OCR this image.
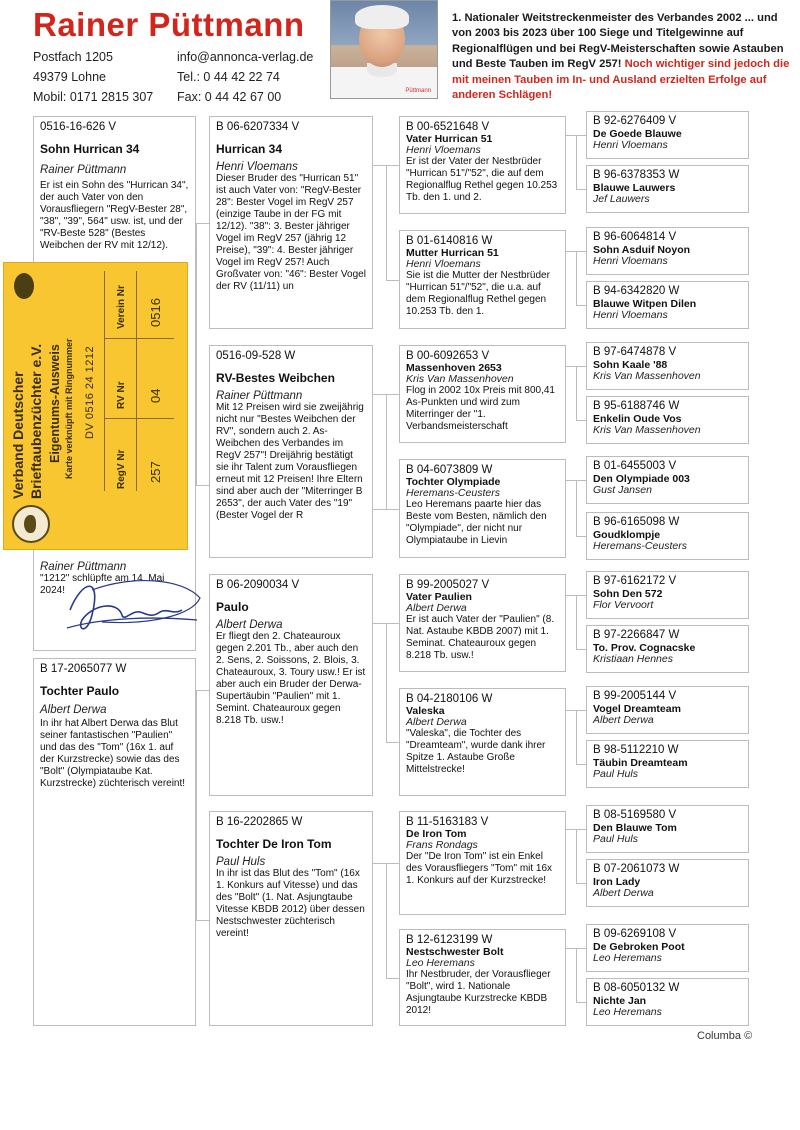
Rainer Püttmann
Postfach 1205
49379 Lohne
Mobil: 0171 2815 307
info@annonca-verlag.de
Tel.: 0 44 42 22 74
Fax: 0 44 42 67 00	Püttmann
1. Nationaler Weitstreckenmeister des Verbandes 2002 ... und von 2003 bis 2023 über 100 Siege und Titelgewinne auf Regionalflügen und bei RegV-Meisterschaften sowie Astauben und Beste Tauben im RegV 257! Noch wichtiger sind jedoch die mit meinen Tauben im In- und Ausland erzielten Erfolge auf anderen Schlägen!
0516-16-626 V
Sohn Hurrican 34
Rainer Püttmann
Er ist ein Sohn des "Hurrican 34", der auch Vater von den Vorausfliegern "RegV-Bester 28", "38", "39", 564" usw. ist, und der "RV-Beste 528" (Bestes Weibchen der RV mit 12/12).
Rainer Püttmann
"1212" schlüpfte am 14. Mai 2024!
B 17-2065077 W
Tochter Paulo
Albert Derwa
In ihr hat Albert Derwa das Blut seiner fantastischen "Paulien" und das des "Tom" (16x 1. auf der Kurzstrecke) sowie das des "Bolt" (Olympiataube Kat. Kurzstrecke) züchterisch vereint!
B 06-6207334 V
Hurrican 34
Henri Vloemans
Dieser Bruder des "Hurrican 51" ist auch Vater von: "RegV-Bester 28": Bester Vogel im RegV 257 (einzige Taube in der FG mit 12/12). "38": 3. Bester jähriger Vogel im RegV 257 (jährig 12 Preise), "39": 4. Bester jähriger Vogel im RegV 257! Auch Großvater von: "46": Bester Vogel der RV (11/11) un
0516-09-528 W
RV-Bestes Weibchen
Rainer Püttmann
Mit 12 Preisen wird sie zweijährig nicht nur "Bestes Weibchen der RV", sondern auch 2. As-Weibchen des Verbandes im RegV 257"! Dreijährig bestätigt sie ihr Talent zum Vorausfliegen erneut mit 12 Preisen! Ihre Eltern sind aber auch der "Miterringer B 2653", der auch Vater des "19" (Bester Vogel der R
B 06-2090034 V
Paulo
Albert Derwa
Er fliegt den 2. Chateauroux gegen 2.201 Tb., aber auch den 2. Sens, 2. Soissons, 2. Blois, 3. Chateauroux, 3. Toury usw.! Er ist aber auch ein Bruder der Derwa-Supertäubin "Paulien" mit 1. Semint. Chateauroux gegen 8.218 Tb. usw.!
B 16-2202865 W
Tochter De Iron Tom
Paul Huls
In ihr ist das Blut des "Tom" (16x 1. Konkurs auf Vitesse) und das des "Bolt" (1. Nat. Asjungtaube Vitesse KBDB 2012) über dessen Nestschwester züchterisch vereint!
B 00-6521648 V
Vater Hurrican 51
Henri Vloemans
Er ist der Vater der Nestbrüder "Hurrican 51"/"52", die auf dem Regionalflug Rethel gegen 10.253 Tb. den 1. und 2.
B 01-6140816 W
Mutter Hurrican 51
Henri Vloemans
Sie ist die Mutter der Nestbrüder "Hurrican 51"/"52", die u.a. auf dem Regionalflug Rethel gegen 10.253 Tb. den 1.
B 00-6092653 V
Massenhoven 2653
Kris Van Massenhoven
Flog in 2002 10x Preis mit 800,41 As-Punkten und wird zum Miterringer der "1. Verbandsmeisterschaft
B 04-6073809 W
Tochter Olympiade
Heremans-Ceusters
Leo Heremans paarte hier das Beste vom Besten, nämlich den "Olympiade", der nicht nur Olympiataube in Lievin
B 99-2005027 V
Vater Paulien
Albert Derwa
Er ist auch Vater der "Paulien" (8. Nat. Astaube KBDB 2007) mit 1. Seminat. Chateauroux gegen 8.218 Tb. usw.!
B 04-2180106 W
Valeska
Albert Derwa
"Valeska", die Tochter des "Dreamteam", wurde dank ihrer Spitze 1. Astaube Große Mittelstrecke!
B 11-5163183 V
De Iron Tom
Frans Rondags
Der "De Iron Tom" ist ein Enkel des Vorausfliegers "Tom" mit 16x 1. Konkurs auf der Kurzstrecke!
B 12-6123199 W
Nestschwester Bolt
Leo Heremans
Ihr Nestbruder, der Vorausflieger "Bolt", wird 1. Nationale Asjungtaube Kurzstrecke KBDB 2012!
B 92-6276409 V
De Goede Blauwe
Henri Vloemans
B 96-6378353 W
Blauwe Lauwers
Jef Lauwers
B 96-6064814 V
Sohn Asduif Noyon
Henri Vloemans
B 94-6342820 W
Blauwe Witpen Dilen
Henri Vloemans
B 97-6474878 V
Sohn Kaale '88
Kris Van Massenhoven
B 95-6188746 W
Enkelin Oude Vos
Kris Van Massenhoven
B 01-6455003 V
Den Olympiade 003
Gust Jansen
B 96-6165098 W
Goudklompje
Heremans-Ceusters
B 97-6162172 V
Sohn Den 572
Flor Vervoort
B 97-2266847 W
To. Prov. Cognacske
Kristiaan Hennes
B 99-2005144 V
Vogel Dreamteam
Albert Derwa
B 98-5112210 W
Täubin Dreamteam
Paul Huls
B 08-5169580 V
Den Blauwe Tom
Paul Huls
B 07-2061073 W
Iron Lady
Albert Derwa
B 09-6269108 V
De Gebroken Poot
Leo Heremans
B 08-6050132 W
Nichte Jan
Leo Heremans
Verband Deutscher Brieftaubenzüchter e.V. Eigentums-Ausweis Karte verknüpft mit Ringnummer DV 0516 24 1212
RegV Nr
RV Nr
Verein Nr
257
04
0516
Columba ©
